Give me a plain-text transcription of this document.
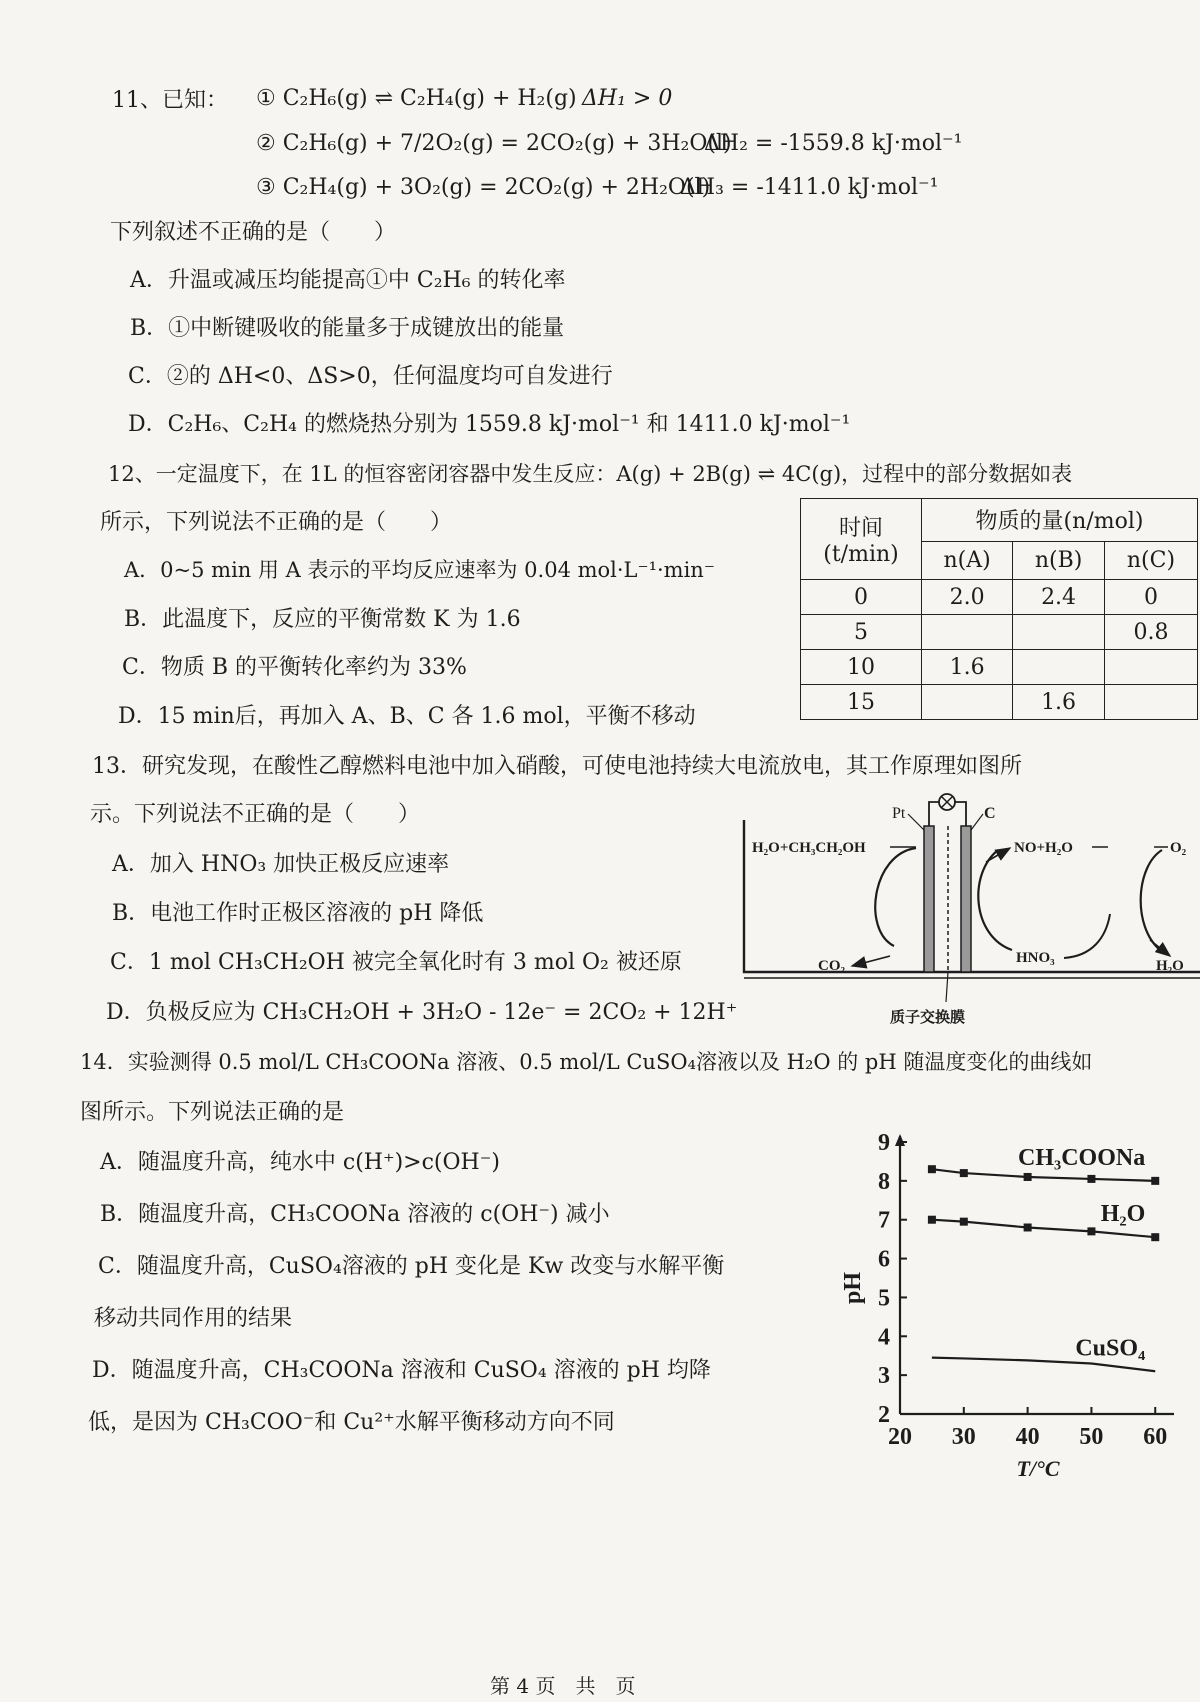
11、已知： ① C₂H₆(g) ⇌ C₂H₄(g) + H₂(g) ΔH₁ > 0
② C₂H₆(g) + 7/2O₂(g) = 2CO₂(g) + 3H₂O(l)
ΔH₂ = -1559.8 kJ·mol⁻¹
③ C₂H₄(g) + 3O₂(g) = 2CO₂(g) + 2H₂O(l)
ΔH₃ = -1411.0 kJ·mol⁻¹
下列叙述不正确的是（　　）
A．升温或减压均能提高①中 C₂H₆ 的转化率
B．①中断键吸收的能量多于成键放出的能量
C．②的 ΔH<0、ΔS>0，任何温度均可自发进行
D．C₂H₆、C₂H₄ 的燃烧热分别为 1559.8 kJ·mol⁻¹ 和 1411.0 kJ·mol⁻¹
12、一定温度下，在 1L 的恒容密闭容器中发生反应：A(g) + 2B(g) ⇌ 4C(g)，过程中的部分数据如表
所示，下列说法不正确的是（　　）
A．0~5 min 用 A 表示的平均反应速率为 0.04 mol·L⁻¹·min⁻
B．此温度下，反应的平衡常数 K 为 1.6
C．物质 B 的平衡转化率约为 33%
D．15 min后，再加入 A、B、C 各 1.6 mol，平衡不移动
时间
(t/min)	物质的量(n/mol)		
	n(A)	n(B)	n(C)
0	2.0	2.4	0
5			0.8
10	1.6		
15		1.6	
13．研究发现，在酸性乙醇燃料电池中加入硝酸，可使电池持续大电流放电，其工作原理如图所
示。下列说法不正确的是（　　）
A．加入 HNO₃ 加快正极反应速率
B．电池工作时正极区溶液的 pH 降低
C．1 mol CH₃CH₂OH 被完全氧化时有 3 mol O₂ 被还原
D．负极反应为 CH₃CH₂OH + 3H₂O - 12e⁻ = 2CO₂ + 12H⁺
Pt	C
H₂O+CH₃CH₂OH
CO₂
NO+H₂O
HNO₃
O₂
H₂O
质子交换膜
14．实验测得 0.5 mol/L CH₃COONa 溶液、0.5 mol/L CuSO₄溶液以及 H₂O 的 pH 随温度变化的曲线如
图所示。下列说法正确的是
A．随温度升高，纯水中 c(H⁺)>c(OH⁻)
B．随温度升高，CH₃COONa 溶液的 c(OH⁻) 减小
C．随温度升高，CuSO₄溶液的 pH 变化是 Kw 改变与水解平衡
移动共同作用的结果
D．随温度升高，CH₃COONa 溶液和 CuSO₄ 溶液的 pH 均降
低，是因为 CH₃COO⁻和 Cu²⁺水解平衡移动方向不同	2
3
4
5
6
7
8
9
20 30 40 50 60
T/°C
pH
CH₃COONa
H₂O
CuSO₄
第 4 页　共　页
